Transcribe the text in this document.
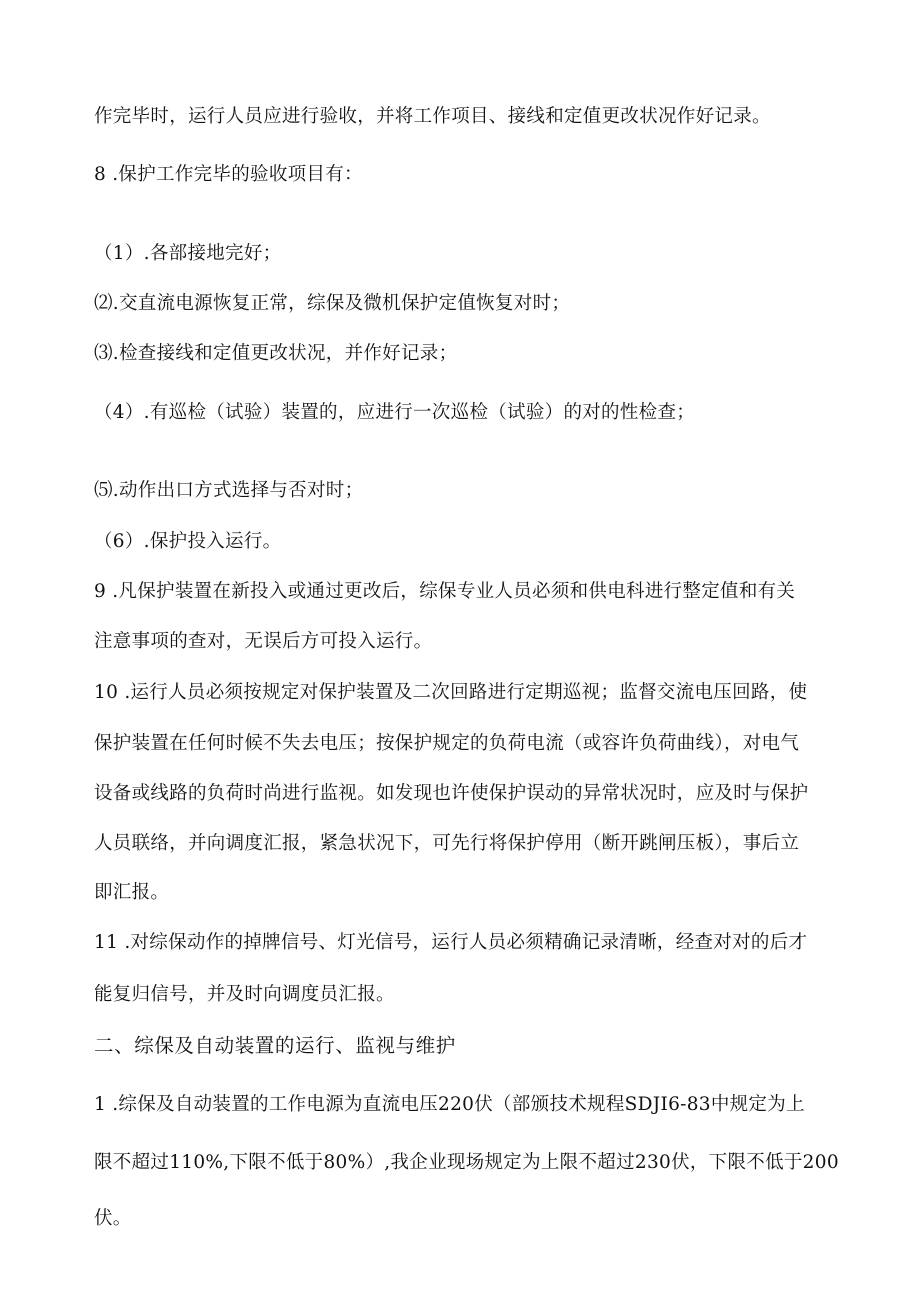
作完毕时，运行人员应进行验收，并将工作项目、接线和定值更改状况作好记录。
8 .保护工作完毕的验收项目有：
（1）.各部接地完好；
⑵.交直流电源恢复正常，综保及微机保护定值恢复对时；
⑶.检查接线和定值更改状况，并作好记录；
（4）.有巡检（试验）装置的，应进行一次巡检（试验）的对的性检查；
⑸.动作出口方式选择与否对时；
（6）.保护投入运行。
9 .凡保护装置在新投入或通过更改后，综保专业人员必须和供电科进行整定值和有关
注意事项的查对，无误后方可投入运行。
10 .运行人员必须按规定对保护装置及二次回路进行定期巡视；监督交流电压回路，使
保护装置在任何时候不失去电压；按保护规定的负荷电流（或容许负荷曲线），对电气
设备或线路的负荷时尚进行监视。如发现也许使保护误动的异常状况时，应及时与保护
人员联络，并向调度汇报，紧急状况下，可先行将保护停用（断开跳闸压板），事后立
即汇报。
11 .对综保动作的掉牌信号、灯光信号，运行人员必须精确记录清晰，经查对对的后才
能复归信号，并及时向调度员汇报。
二、综保及自动装置的运行、监视与维护
1 .综保及自动装置的工作电源为直流电压220伏（部颁技术规程SDJI6-83中规定为上
限不超过110%,下限不低于80%）,我企业现场规定为上限不超过230伏，下限不低于200
伏。
